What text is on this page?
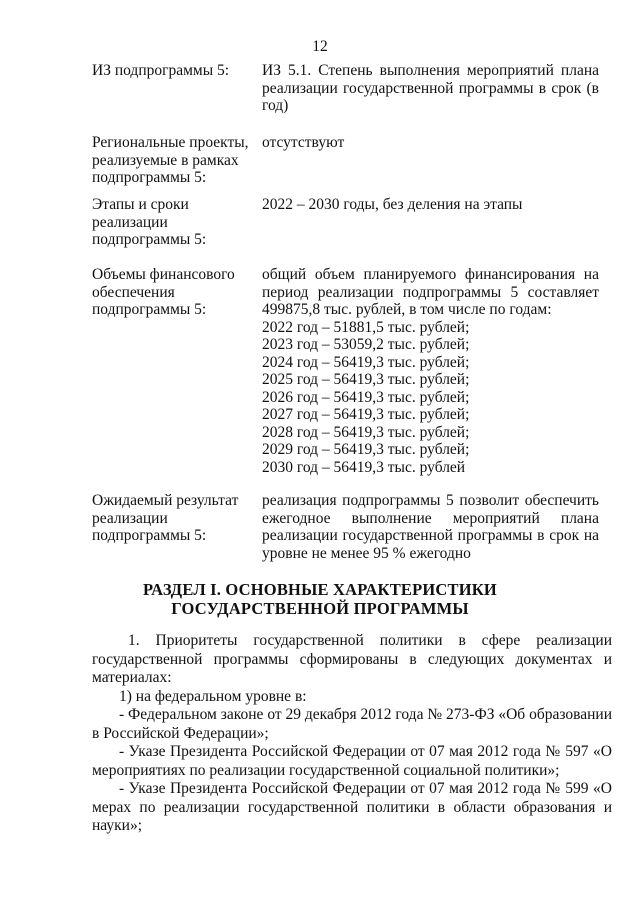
12
ИЗ подпрограммы 5:	ИЗ 5.1. Степень выполнения мероприятий плана реализации государственной программы в срок (в год)
Региональные проекты, реализуемые в рамках подпрограммы 5:
отсутствуют
Этапы и сроки реализации подпрограммы 5:
2022 – 2030 годы, без деления на этапы
Объемы финансового обеспечения подпрограммы 5:
общий объем планируемого финансирования на период реализации подпрограммы 5 составляет 499875,8 тыс. рублей, в том числе по годам:
2022 год – 51881,5 тыс. рублей;
2023 год – 53059,2 тыс. рублей;
2024 год – 56419,3 тыс. рублей;
2025 год – 56419,3 тыс. рублей;
2026 год – 56419,3 тыс. рублей;
2027 год – 56419,3 тыс. рублей;
2028 год – 56419,3 тыс. рублей;
2029 год – 56419,3 тыс. рублей;
2030 год – 56419,3 тыс. рублей
Ожидаемый результат реализации подпрограммы 5:
реализация подпрограммы 5 позволит обеспечить ежегодное выполнение мероприятий плана реализации государственной программы в срок на уровне не менее 95 % ежегодно
РАЗДЕЛ I. ОСНОВНЫЕ ХАРАКТЕРИСТИКИ
ГОСУДАРСТВЕННОЙ ПРОГРАММЫ

1. Приоритеты государственной политики в сфере реализации государственной программы сформированы в следующих документах и материалах:

1) на федеральном уровне в:

- Федеральном законе от 29 декабря 2012 года № 273-ФЗ «Об образовании в Российской Федерации»;

- Указе Президента Российской Федерации от 07 мая 2012 года № 597 «О мероприятиях по реализации государственной социальной политики»;

- Указе Президента Российской Федерации от 07 мая 2012 года № 599 «О мерах по реализации государственной политики в области образования и науки»;
